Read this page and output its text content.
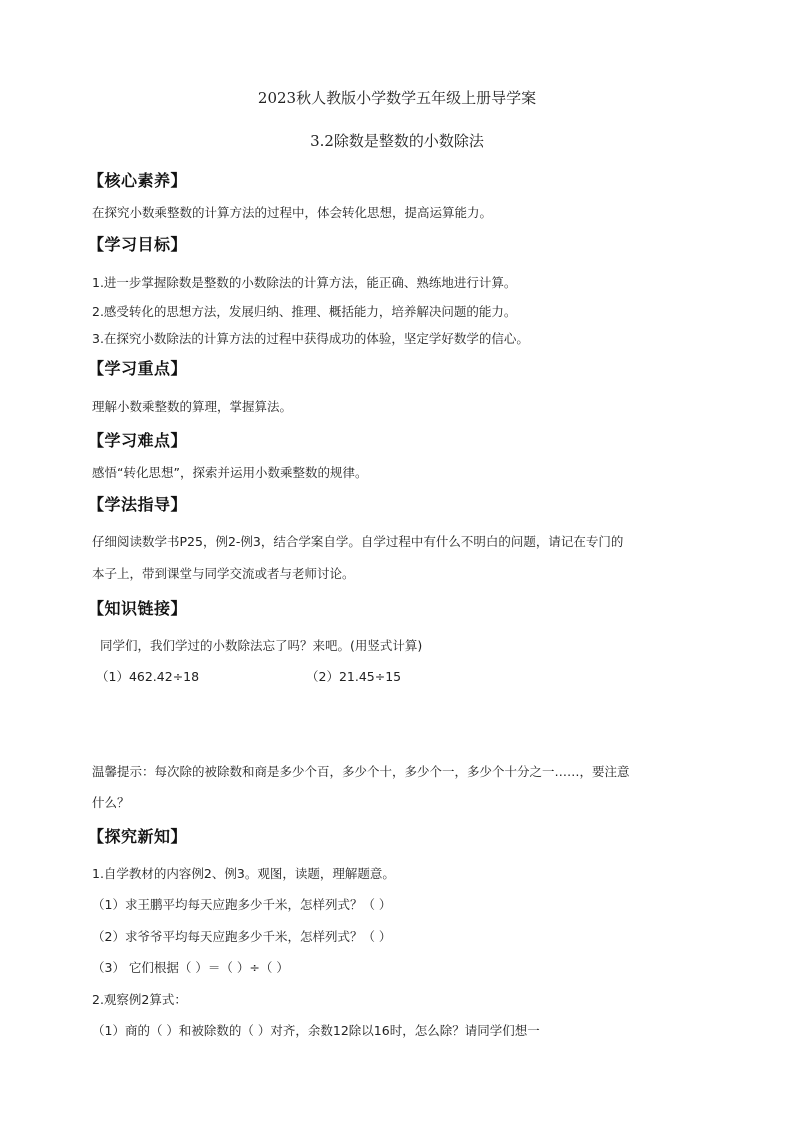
2023秋人教版小学数学五年级上册导学案
3.2除数是整数的小数除法
【核心素养】
在探究小数乘整数的计算方法的过程中，体会转化思想，提高运算能力。
【学习目标】
1.进一步掌握除数是整数的小数除法的计算方法，能正确、熟练地进行计算。
2.感受转化的思想方法，发展归纳、推理、概括能力，培养解决问题的能力。
3.在探究小数除法的计算方法的过程中获得成功的体验，坚定学好数学的信心。
【学习重点】
理解小数乘整数的算理，掌握算法。
【学习难点】
感悟“转化思想”，探索并运用小数乘整数的规律。
【学法指导】
仔细阅读数学书P25，例2-例3，结合学案自学。自学过程中有什么不明白的问题，请记在专门的
本子上，带到课堂与同学交流或者与老师讨论。
【知识链接】
同学们，我们学过的小数除法忘了吗？来吧。(用竖式计算)
（1）462.42÷18	（2）21.45÷15
温馨提示：每次除的被除数和商是多少个百，多少个十，多少个一，多少个十分之一……，要注意
什么？
【探究新知】
1.自学教材的内容例2、例3。观图，读题，理解题意。
（1）求王鹏平均每天应跑多少千米，怎样列式？（ ）
（2）求爷爷平均每天应跑多少千米，怎样列式？（ ）
（3） 它们根据（ ）＝（ ）÷（ ）
2.观察例2算式：
（1）商的（ ）和被除数的（ ）对齐，余数12除以16时，怎么除？请同学们想一
